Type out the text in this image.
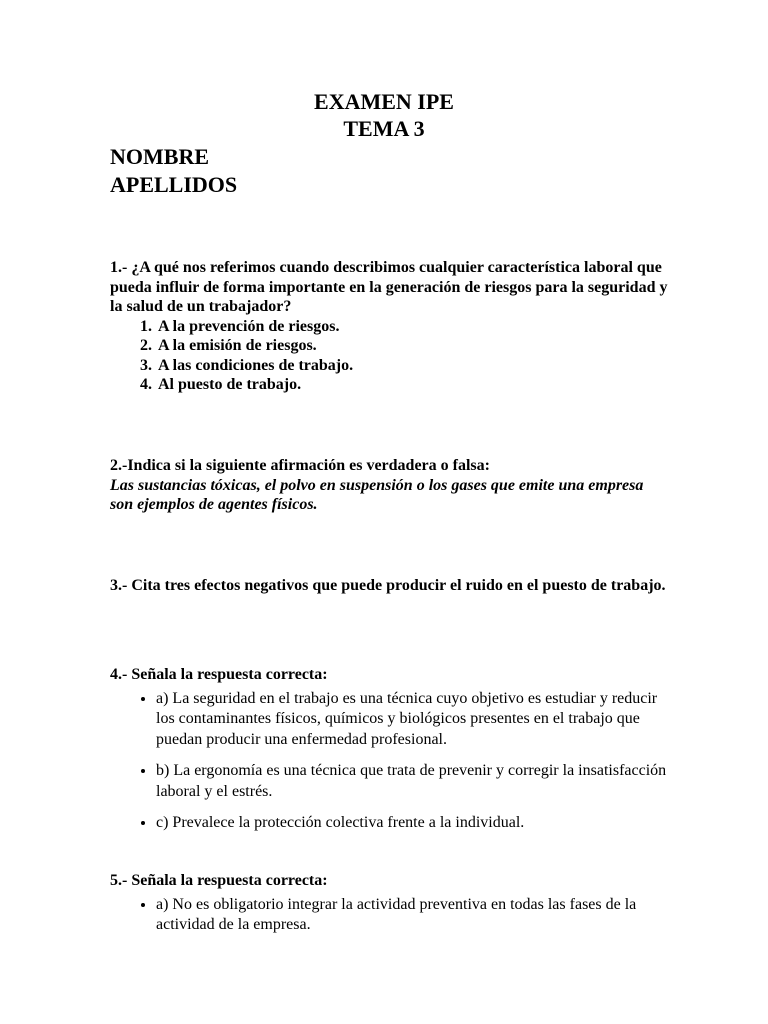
EXAMEN IPE
TEMA 3
NOMBRE
APELLIDOS
1.- ¿A qué nos referimos cuando describimos cualquier característica laboral que pueda influir de forma importante en la generación de riesgos para la seguridad y la salud de un trabajador?
1. A la prevención de riesgos.
2. A la emisión de riesgos.
3. A las condiciones de trabajo.
4. Al puesto de trabajo.
2.-Indica si la siguiente afirmación es verdadera o falsa:
Las sustancias tóxicas, el polvo en suspensión o los gases que emite una empresa son ejemplos de agentes físicos.
3.- Cita tres efectos negativos que puede producir el ruido en el puesto de trabajo.
4.- Señala la respuesta correcta:
• a) La seguridad en el trabajo es una técnica cuyo objetivo es estudiar y reducir los contaminantes físicos, químicos y biológicos presentes en el trabajo que puedan producir una enfermedad profesional.
• b) La ergonomía es una técnica que trata de prevenir y corregir la insatisfacción laboral y el estrés.
• c) Prevalece la protección colectiva frente a la individual.
5.- Señala la respuesta correcta:
• a) No es obligatorio integrar la actividad preventiva en todas las fases de la actividad de la empresa.
